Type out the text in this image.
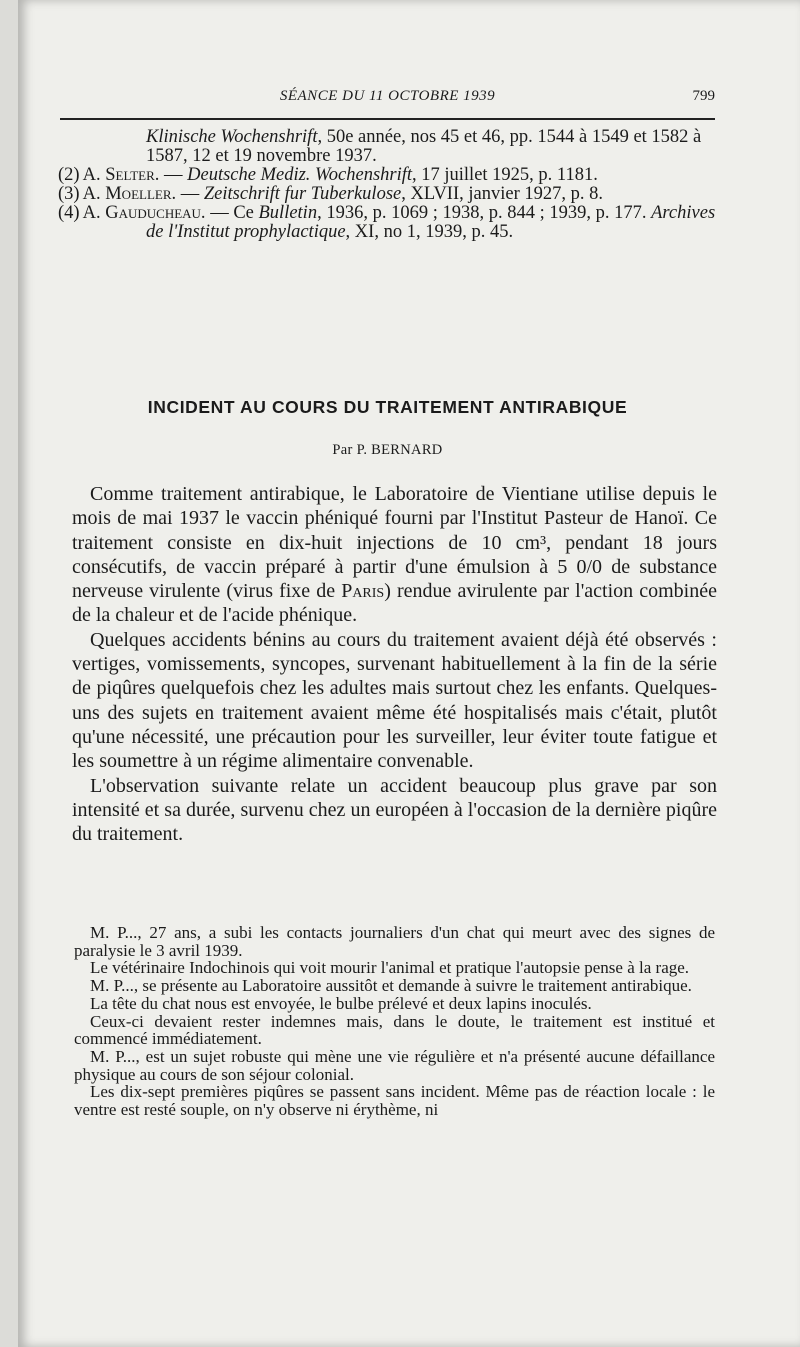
SÉANCE DU 11 OCTOBRE 1939	799

Klinische Wochenshrift, 50e année, nos 45 et 46, pp. 1544 à 1549 et 1582 à 1587, 12 et 19 novembre 1937.

(2) A. Selter. — Deutsche Mediz. Wochenshrift, 17 juillet 1925, p. 1181.

(3) A. Moeller. — Zeitschrift fur Tuberkulose, XLVII, janvier 1927, p. 8.

(4) A. Gauducheau. — Ce Bulletin, 1936, p. 1069 ; 1938, p. 844 ; 1939, p. 177. Archives de l'Institut prophylactique, XI, no 1, 1939, p. 45.

INCIDENT AU COURS DU TRAITEMENT ANTIRABIQUE
Par P. BERNARD

Comme traitement antirabique, le Laboratoire de Vientiane utilise depuis le mois de mai 1937 le vaccin phéniqué fourni par l'Institut Pasteur de Hanoï. Ce traitement consiste en dix-huit injections de 10 cm³, pendant 18 jours consécutifs, de vaccin préparé à partir d'une émulsion à 5 0/0 de substance nerveuse virulente (virus fixe de Paris) rendue avirulente par l'action combinée de la chaleur et de l'acide phénique.

Quelques accidents bénins au cours du traitement avaient déjà été observés : vertiges, vomissements, syncopes, survenant habituellement à la fin de la série de piqûres quelquefois chez les adultes mais surtout chez les enfants. Quelques-uns des sujets en traitement avaient même été hospitalisés mais c'était, plutôt qu'une nécessité, une précaution pour les surveiller, leur éviter toute fatigue et les soumettre à un régime alimentaire convenable.

L'observation suivante relate un accident beaucoup plus grave par son intensité et sa durée, survenu chez un européen à l'occasion de la dernière piqûre du traitement.

M. P..., 27 ans, a subi les contacts journaliers d'un chat qui meurt avec des signes de paralysie le 3 avril 1939.

Le vétérinaire Indochinois qui voit mourir l'animal et pratique l'autopsie pense à la rage.

M. P..., se présente au Laboratoire aussitôt et demande à suivre le traitement antirabique.

La tête du chat nous est envoyée, le bulbe prélevé et deux lapins inoculés.

Ceux-ci devaient rester indemnes mais, dans le doute, le traitement est institué et commencé immédiatement.

M. P..., est un sujet robuste qui mène une vie régulière et n'a présenté aucune défaillance physique au cours de son séjour colonial.

Les dix-sept premières piqûres se passent sans incident. Même pas de réaction locale : le ventre est resté souple, on n'y observe ni érythème, ni
